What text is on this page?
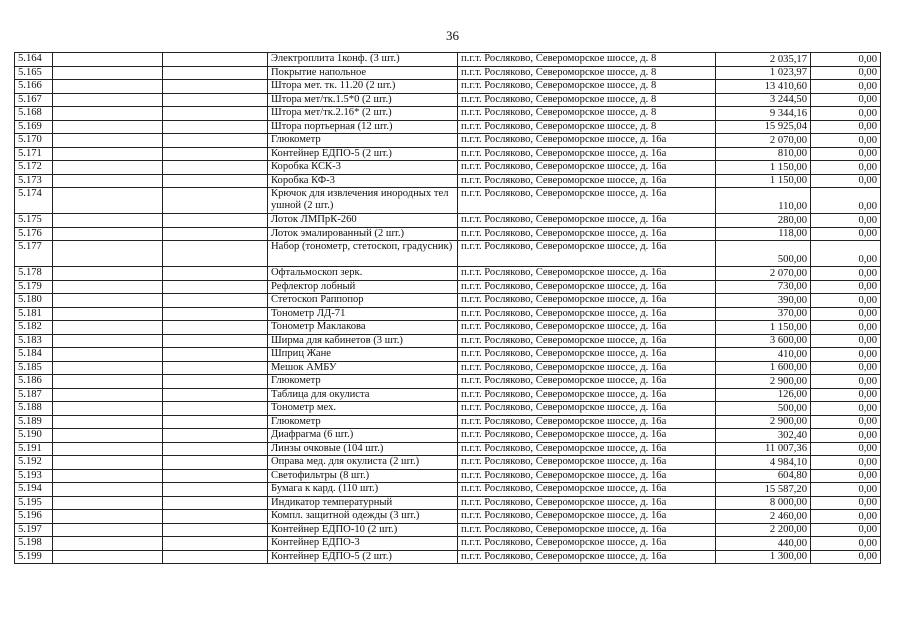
36
5.164			Электроплита 1конф. (3 шт.)	п.г.т. Росляково, Североморское шоссе, д. 8	2 035,17	0,00
5.165			Покрытие напольное	п.г.т. Росляково, Североморское шоссе, д. 8	1 023,97	0,00
5.166			Штора мет. тк. 11.20 (2 шт.)	п.г.т. Росляково, Североморское шоссе, д. 8	13 410,60	0,00
5.167			Штора мет/тк.1.5*0 (2 шт.)	п.г.т. Росляково, Североморское шоссе, д. 8	3 244,50	0,00
5.168			Штора мет/тк.2.16* (2 шт.)	п.г.т. Росляково, Североморское шоссе, д. 8	9 344,16	0,00
5.169			Штора портьерная (12 шт.)	п.г.т. Росляково, Североморское шоссе, д. 8	15 925,04	0,00
5.170			Глюкометр	п.г.т. Росляково, Североморское шоссе, д. 16а	2 070,00	0,00
5.171			Контейнер ЕДПО-5 (2 шт.)	п.г.т. Росляково, Североморское шоссе, д. 16а	810,00	0,00
5.172			Коробка КСК-3	п.г.т. Росляково, Североморское шоссе, д. 16а	1 150,00	0,00
5.173			Коробка КФ-3	п.г.т. Росляково, Североморское шоссе, д. 16а	1 150,00	0,00
5.174			Крючок для извлечения инородных тел ушной (2 шт.)	п.г.т. Росляково, Североморское шоссе, д. 16а	110,00	0,00
5.175			Лоток ЛМПрК-260	п.г.т. Росляково, Североморское шоссе, д. 16а	280,00	0,00
5.176			Лоток эмалированный (2 шт.)	п.г.т. Росляково, Североморское шоссе, д. 16а	118,00	0,00
5.177			Набор (тонометр, стетоскоп, градусник)	п.г.т. Росляково, Североморское шоссе, д. 16а	500,00	0,00
5.178			Офтальмоскоп зерк.	п.г.т. Росляково, Североморское шоссе, д. 16а	2 070,00	0,00
5.179			Рефлектор лобный	п.г.т. Росляково, Североморское шоссе, д. 16а	730,00	0,00
5.180			Стетоскоп Раппопор	п.г.т. Росляково, Североморское шоссе, д. 16а	390,00	0,00
5.181			Тонометр ЛД-71	п.г.т. Росляково, Североморское шоссе, д. 16а	370,00	0,00
5.182			Тонометр Маклакова	п.г.т. Росляково, Североморское шоссе, д. 16а	1 150,00	0,00
5.183			Ширма для кабинетов (3 шт.)	п.г.т. Росляково, Североморское шоссе, д. 16а	3 600,00	0,00
5.184			Шприц Жане	п.г.т. Росляково, Североморское шоссе, д. 16а	410,00	0,00
5.185			Мешок АМБУ	п.г.т. Росляково, Североморское шоссе, д. 16а	1 600,00	0,00
5.186			Глюкометр	п.г.т. Росляково, Североморское шоссе, д. 16а	2 900,00	0,00
5.187			Таблица для окулиста	п.г.т. Росляково, Североморское шоссе, д. 16а	126,00	0,00
5.188			Тонометр мех.	п.г.т. Росляково, Североморское шоссе, д. 16а	500,00	0,00
5.189			Глюкометр	п.г.т. Росляково, Североморское шоссе, д. 16а	2 900,00	0,00
5.190			Диафрагма (6 шт.)	п.г.т. Росляково, Североморское шоссе, д. 16а	302,40	0,00
5.191			Линзы очковые (104 шт.)	п.г.т. Росляково, Североморское шоссе, д. 16а	11 007,36	0,00
5.192			Оправа мед. для окулиста (2 шт.)	п.г.т. Росляково, Североморское шоссе, д. 16а	4 984,10	0,00
5.193			Светофильтры (8 шт.)	п.г.т. Росляково, Североморское шоссе, д. 16а	604,80	0,00
5.194			Бумага к кард. (110 шт.)	п.г.т. Росляково, Североморское шоссе, д. 16а	15 587,20	0,00
5.195			Индикатор температурный	п.г.т. Росляково, Североморское шоссе, д. 16а	8 000,00	0,00
5.196			Компл. защитной одежды (3 шт.)	п.г.т. Росляково, Североморское шоссе, д. 16а	2 460,00	0,00
5.197			Контейнер ЕДПО-10 (2 шт.)	п.г.т. Росляково, Североморское шоссе, д. 16а	2 200,00	0,00
5.198			Контейнер ЕДПО-3	п.г.т. Росляково, Североморское шоссе, д. 16а	440,00	0,00
5.199			Контейнер ЕДПО-5 (2 шт.)	п.г.т. Росляково, Североморское шоссе, д. 16а	1 300,00	0,00
